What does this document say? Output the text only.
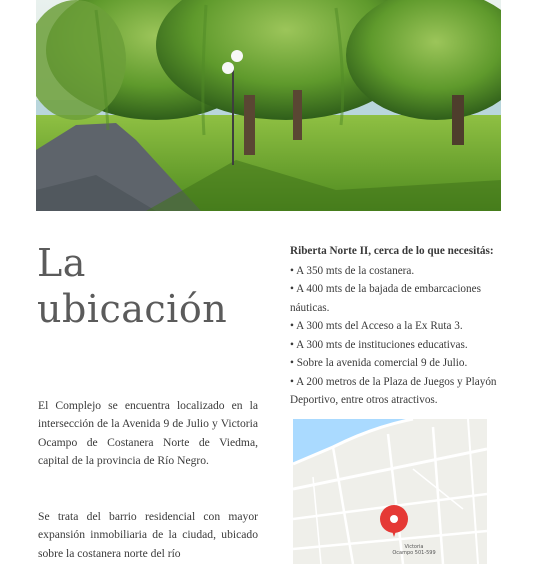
La
ubicación

El Complejo se encuentra localizado en la intersección de la Avenida 9 de Julio y Victoria Ocampo de Costanera Norte de Viedma, capital de la provincia de Río Negro.

Se trata del barrio residencial con mayor expansión inmobiliaria de la ciudad, ubicado sobre la costanera norte del río

Riberta Norte II, cerca de lo que necesitás:

• A 350 mts de la costanera.
• A 400 mts de la bajada de embarcaciones náuticas.
• A 300 mts del Acceso a la Ex Ruta 3.
• A 300 mts de instituciones educativas.
• Sobre la avenida comercial 9 de Julio.
• A 200 metros de la Plaza de Juegos y Playón Deportivo, entre otros atractivos.
Victoria
Ocampo 501-599
